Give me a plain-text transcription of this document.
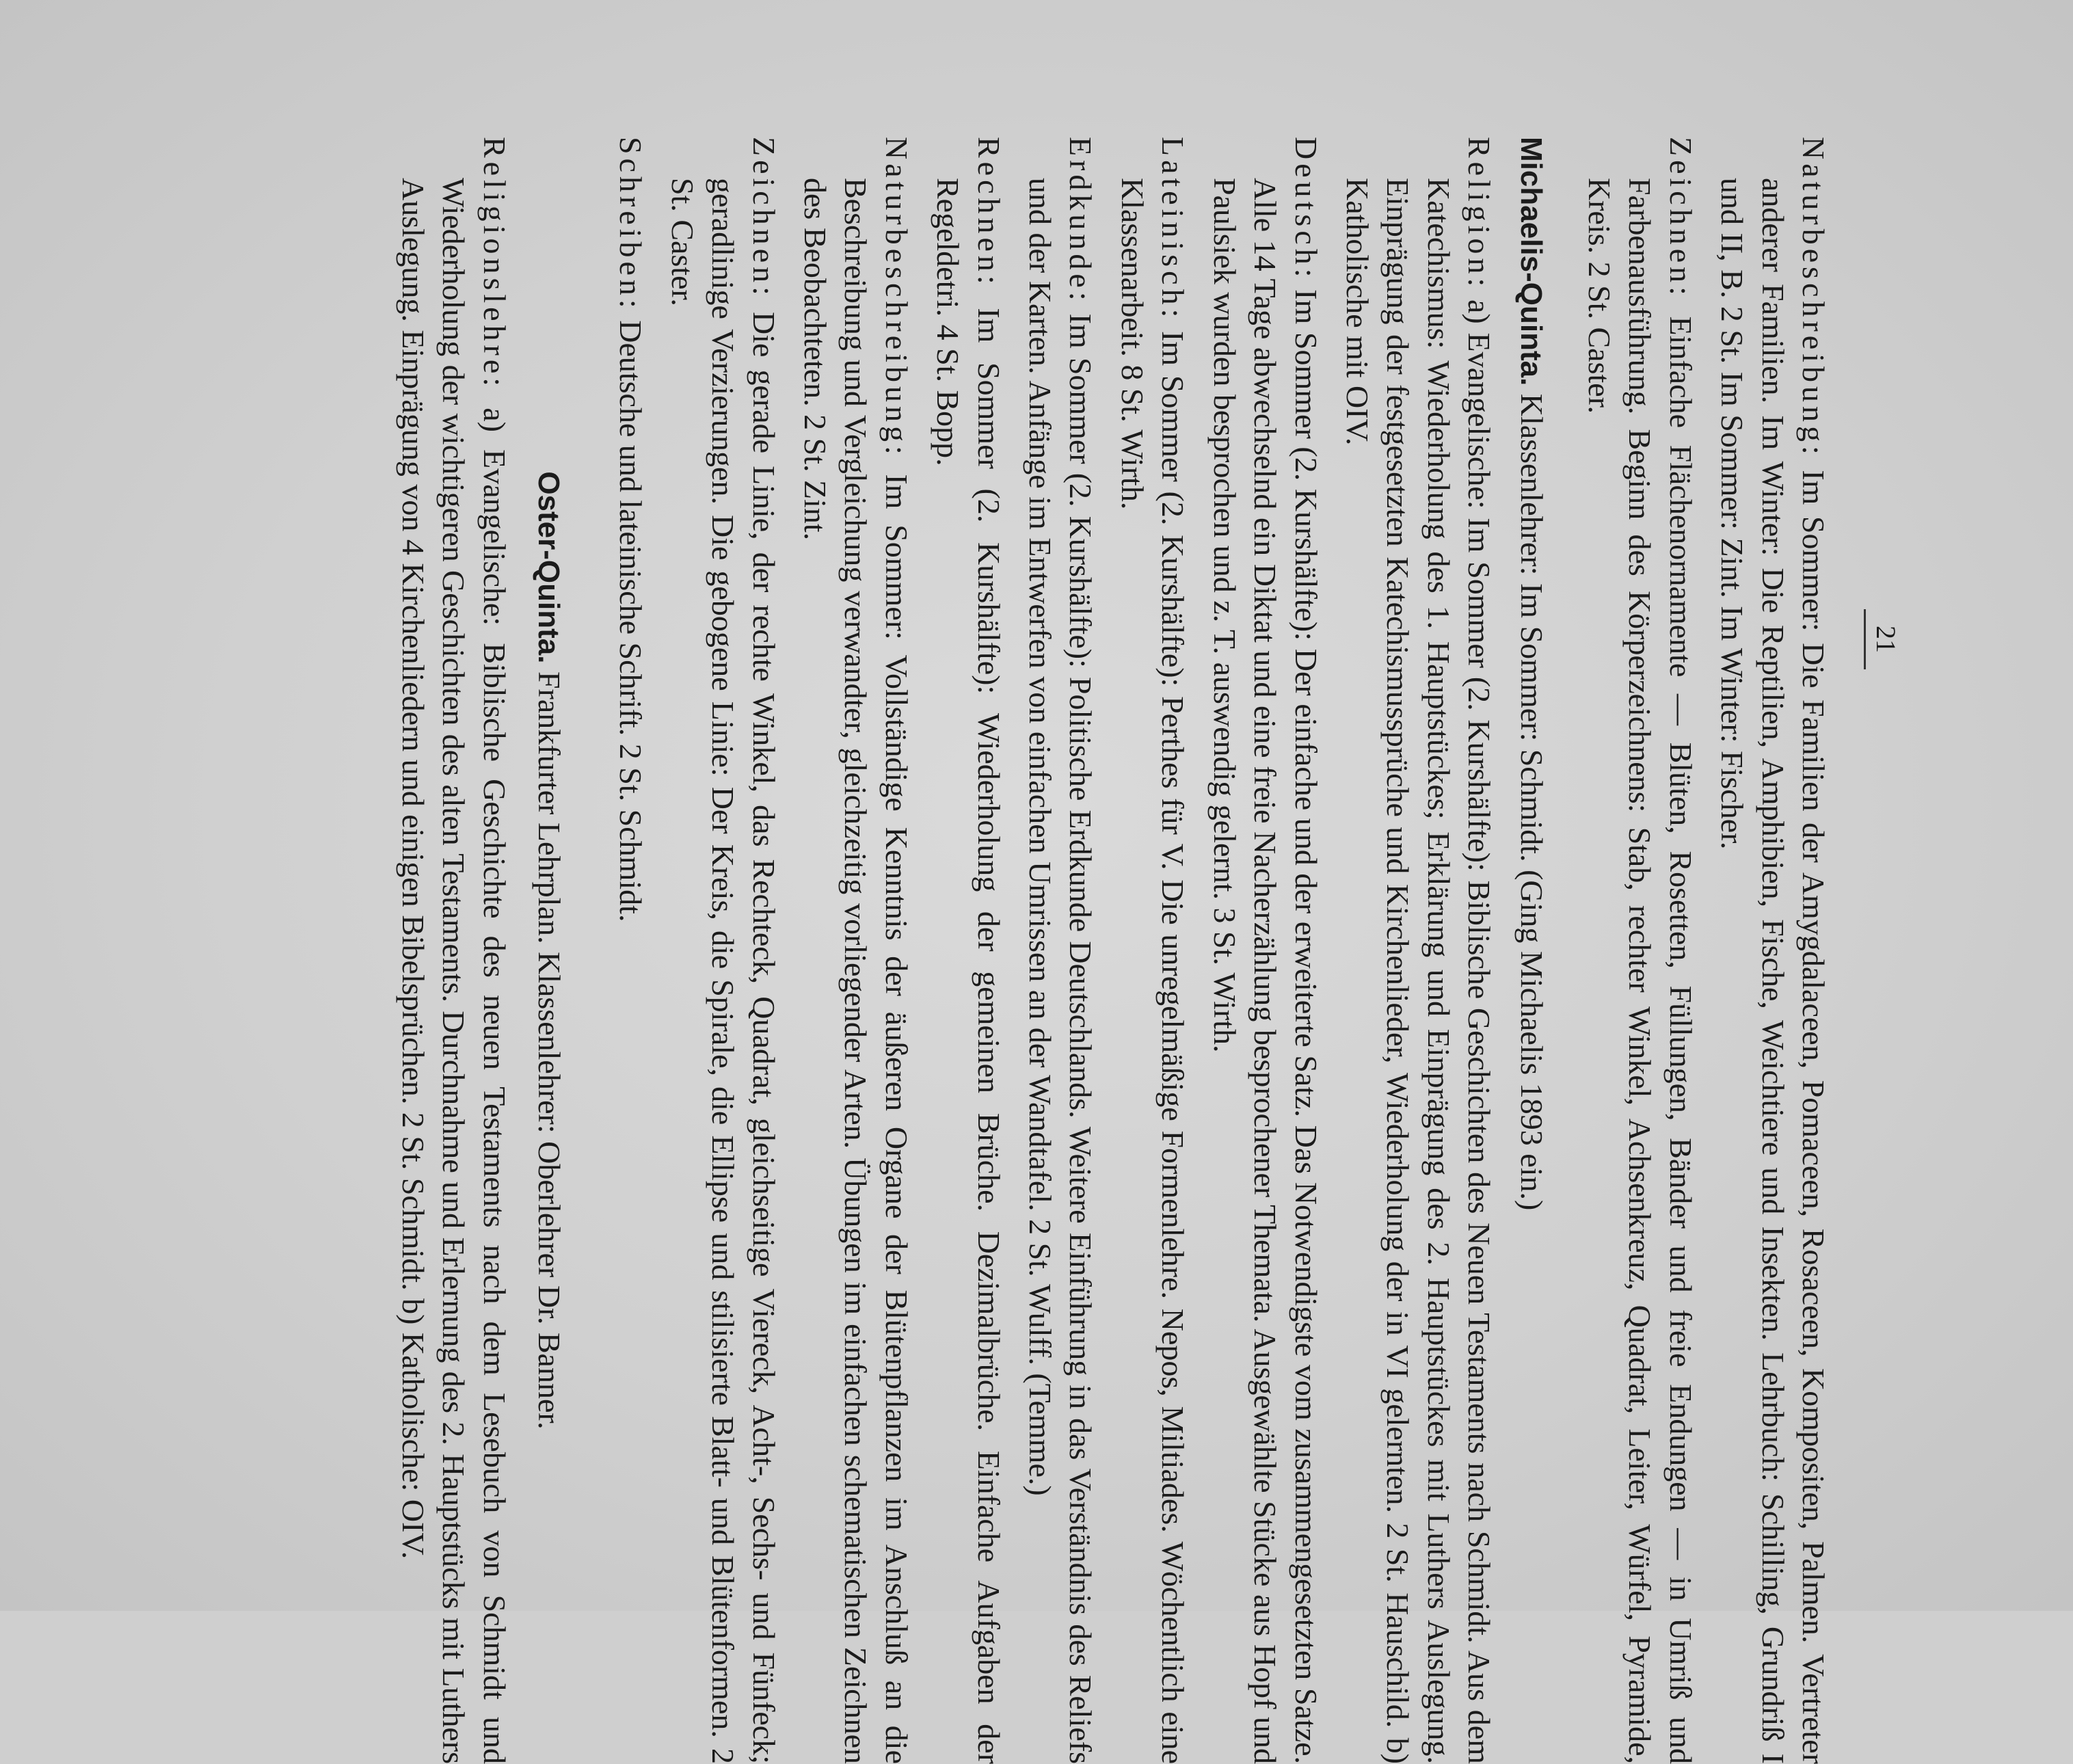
21

Naturbeschreibung: Im Sommer: Die Familien der Amygdalaceen, Pomaceen, Rosaceen, Kompositen, Palmen. Vertreter anderer Familien. Im Winter: Die Reptilien, Amphibien, Fische, Weichtiere und Insekten. Lehrbuch: Schilling, Grundriß I und II, B. 2 St. Im Sommer: Zint. Im Winter: Fischer.

Zeichnen: Einfache Flächenornamente — Blüten, Rosetten, Füllungen, Bänder und freie Endungen — in Umriß und Farbenausführung. Beginn des Körperzeichnens: Stab, rechter Winkel, Achsenkreuz, Quadrat, Leiter, Würfel, Pyramide, Kreis. 2 St. Caster.

Michaelis-Quinta. Klassenlehrer: Im Sommer: Schmidt. (Ging Michaelis 1893 ein.)

Religion: a) Evangelische: Im Sommer (2. Kurshälfte): Biblische Geschichten des Neuen Testaments nach Schmidt. Aus dem Katechismus: Wiederholung des 1. Hauptstückes; Erklärung und Einprägung des 2. Hauptstückes mit Luthers Auslegung. Einprägung der festgesetzten Katechismussprüche und Kirchenlieder, Wiederholung der in VI gelernten. 2 St. Hauschild. b) Katholische mit OIV.

Deutsch: Im Sommer (2. Kurshälfte): Der einfache und der erweiterte Satz. Das Notwendigste vom zusammengesetzten Satze. Alle 14 Tage abwechselnd ein Diktat und eine freie Nacherzählung besprochener Themata. Ausgewählte Stücke aus Hopf und Paulsiek wurden besprochen und z. T. auswendig gelernt. 3 St. Wirth.

Lateinisch: Im Sommer (2. Kurshälfte): Perthes für V. Die unregelmäßige Formenlehre. Nepos, Miltiades. Wöchentlich eine Klassenarbeit. 8 St. Wirth.

Erdkunde: Im Sommer (2. Kurshälfte): Politische Erdkunde Deutschlands. Weitere Einführung in das Verständnis des Reliefs und der Karten. Anfänge im Entwerfen von einfachen Umrissen an der Wandtafel. 2 St. Wulff. (Temme.)

Rechnen: Im Sommer (2. Kurshälfte): Wiederholung der gemeinen Brüche. Dezimalbrüche. Einfache Aufgaben der Regeldetri. 4 St. Bopp.

Naturbeschreibung: Im Sommer: Vollständige Kenntnis der äußeren Organe der Blütenpflanzen im Anschluß an die Beschreibung und Vergleichung verwandter, gleichzeitig vorliegender Arten. Übungen im einfachen schematischen Zeichnen des Beobachteten. 2 St. Zint.

Zeichnen: Die gerade Linie, der rechte Winkel, das Rechteck, Quadrat, gleichseitige Viereck, Acht-, Sechs- und Fünfeck; geradlinige Verzierungen. Die gebogene Linie: Der Kreis, die Spirale, die Ellipse und stilisierte Blatt- und Blütenformen. 2 St. Caster.

Schreiben: Deutsche und lateinische Schrift. 2 St. Schmidt.

Oster-Quinta. Frankfurter Lehrplan. Klassenlehrer: Oberlehrer Dr. Banner.

Religionslehre: a) Evangelische: Biblische Geschichte des neuen Testaments nach dem Lesebuch von Schmidt und Wiederholung der wichtigeren Geschichten des alten Testaments. Durchnahme und Erlernung des 2. Hauptstücks mit Luthers Auslegung. Einprägung von 4 Kirchenliedern und einigen Bibelsprüchen. 2 St. Schmidt. b) Katholische: OIV.
